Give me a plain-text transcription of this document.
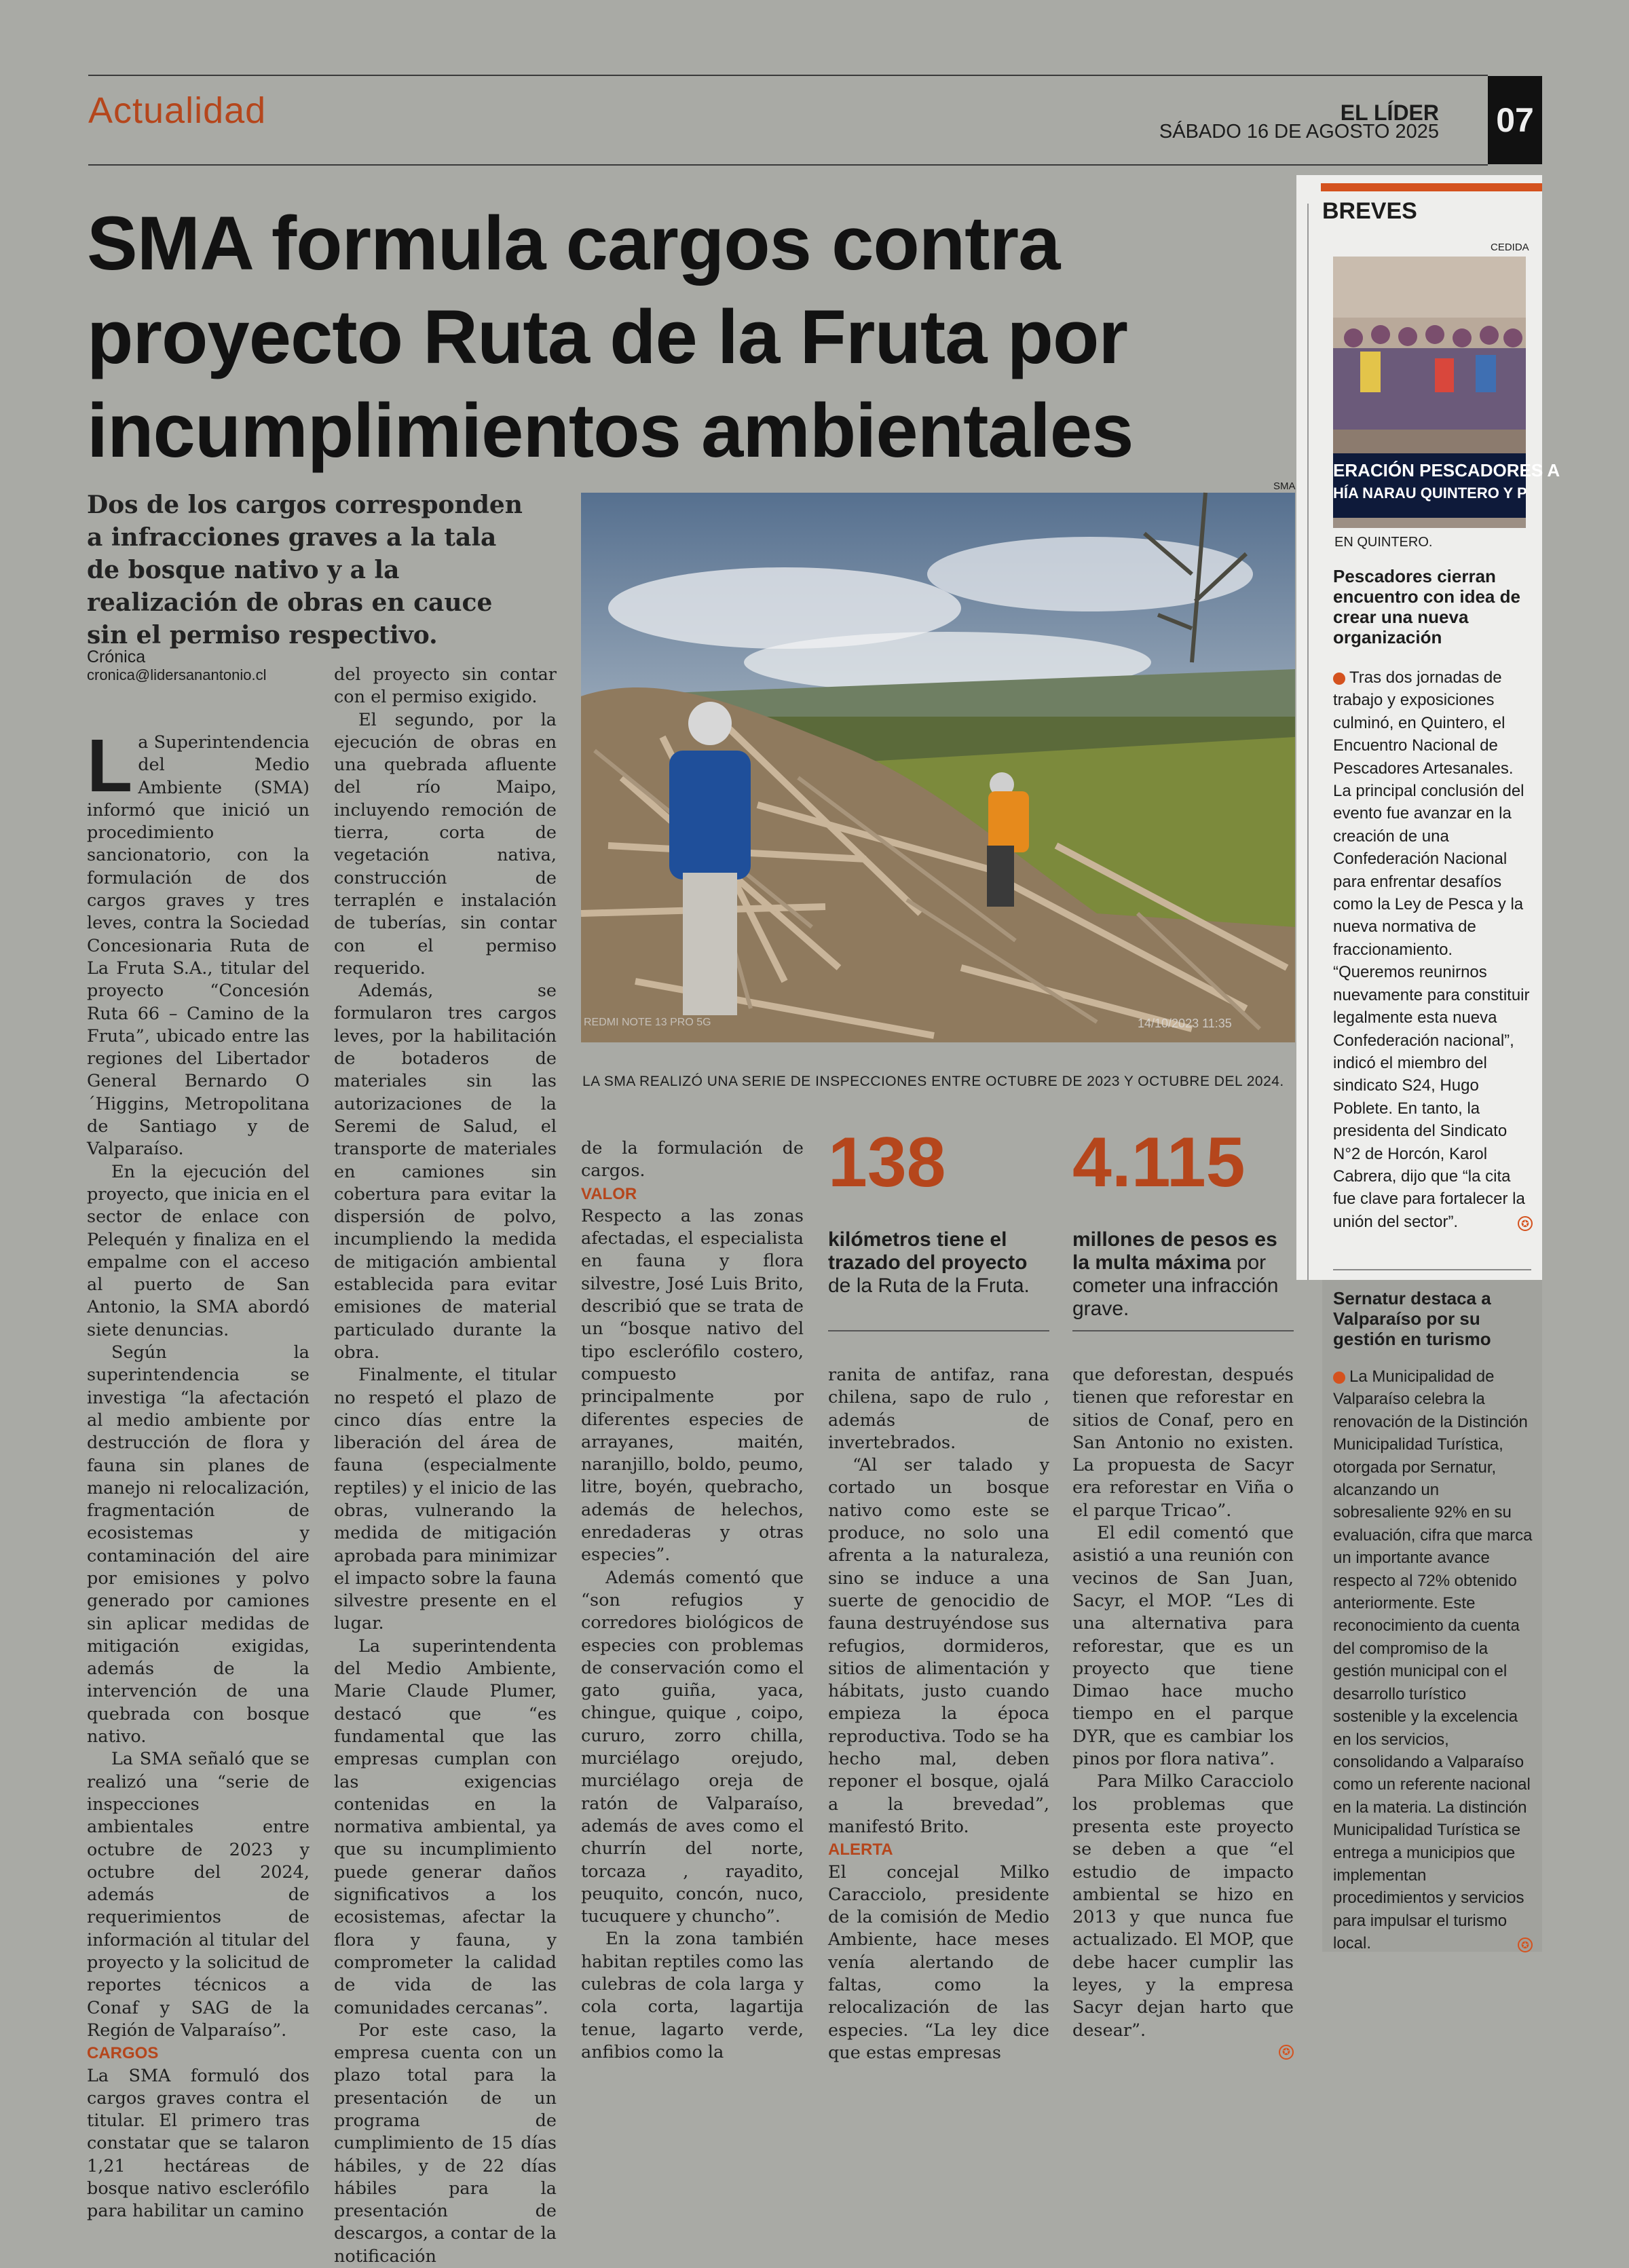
Actualidad	EL LÍDER
SÁBADO 16 DE AGOSTO 2025 07
SMA formula cargos contra proyecto Ruta de la Fruta por incumplimientos ambientales
Dos de los cargos corresponden a infracciones graves a la tala de bosque nativo y a la realización de obras en cauce sin el permiso respectivo.
Crónica
cronica@lidersanantonio.cl
SMA
REDMI NOTE 13 PRO 5G	14/10/2023 11:35
LA SMA REALIZÓ UNA SERIE DE INSPECCIONES ENTRE OCTUBRE DE 2023 Y OCTUBRE DEL 2024.

La Superintendencia del Medio Ambiente (SMA) informó que inició un procedimiento sancionatorio, con la formulación de dos cargos graves y tres leves, contra la Sociedad Concesionaria Ruta de La Fruta S.A., titular del proyecto “Concesión Ruta 66 – Camino de la Fruta”, ubicado entre las regiones del Libertador General Bernardo O´Higgins, Metropolitana de Santiago y de Valparaíso.

En la ejecución del proyecto, que inicia en el sector de enlace con Pelequén y finaliza en el empalme con el acceso al puerto de San Antonio, la SMA abordó siete denuncias.

Según la superintendencia se investiga “la afectación al medio ambiente por destrucción de flora y fauna sin planes de manejo ni relocalización, fragmentación de ecosistemas y contaminación del aire por emisiones y polvo generado por camiones sin aplicar medidas de mitigación exigidas, además de la intervención de una quebrada con bosque nativo.

La SMA señaló que se realizó una “serie de inspecciones ambientales entre octubre de 2023 y octubre del 2024, además de requerimientos de información al titular del proyecto y la solicitud de reportes técnicos a Conaf y SAG de la Región de Valparaíso”.

CARGOS

La SMA formuló dos cargos graves contra el titular. El primero tras constatar que se talaron 1,21 hectáreas de bosque nativo esclerófilo para habilitar un camino

del proyecto sin contar con el permiso exigido.

El segundo, por la ejecución de obras en una quebrada afluente del río Maipo, incluyendo remoción de tierra, corta de vegetación nativa, construcción de terraplén e instalación de tuberías, sin contar con el permiso requerido.

Además, se formularon tres cargos leves, por la habilitación de botaderos de materiales sin las autorizaciones de la Seremi de Salud, el transporte de materiales en camiones sin cobertura para evitar la dispersión de polvo, incumpliendo la medida de mitigación ambiental establecida para evitar emisiones de material particulado durante la obra.

Finalmente, el titular no respetó el plazo de cinco días entre la liberación del área de fauna (especialmente reptiles) y el inicio de las obras, vulnerando la medida de mitigación aprobada para minimizar el impacto sobre la fauna silvestre presente en el lugar.

La superintendenta del Medio Ambiente, Marie Claude Plumer, destacó que “es fundamental que las empresas cumplan con las exigencias contenidas en la normativa ambiental, ya que su incumplimiento puede generar daños significativos a los ecosistemas, afectar la flora y fauna, y comprometer la calidad de vida de las comunidades cercanas”.

Por este caso, la empresa cuenta con un plazo total para la presentación de un programa de cumplimiento de 15 días hábiles, y de 22 días hábiles para la presentación de descargos, a contar de la notificación

de la formulación de cargos.

VALOR

Respecto a las zonas afectadas, el especialista en fauna y flora silvestre, José Luis Brito, describió que se trata de un “bosque nativo del tipo esclerófilo costero, compuesto principalmente por diferentes especies de arrayanes, maitén, naranjillo, boldo, peumo, litre, boyén, quebracho, además de helechos, enredaderas y otras especies”.

Además comentó que “son refugios y corredores biológicos de especies con problemas de conservación como el gato guiña, yaca, chingue, quique , coipo, cururo, zorro chilla, murciélago orejudo, murciélago oreja de ratón de Valparaíso, además de aves como el churrín del norte, torcaza , rayadito, peuquito, concón, nuco, tucuquere y chuncho”.

En la zona también habitan reptiles como las culebras de cola larga y cola corta, lagartija tenue, lagarto verde, anfibios como la

138
kilómetros tiene el trazado del proyecto de la Ruta de la Fruta.
4.115
millones de pesos es la multa máxima por cometer una infracción grave.

ranita de antifaz, rana chilena, sapo de rulo , además de invertebrados.

“Al ser talado y cortado un bosque nativo como este se produce, no solo una afrenta a la naturaleza, sino se induce a una suerte de genocidio de fauna destruyéndose sus refugios, dormideros, sitios de alimentación y hábitats, justo cuando empieza la época reproductiva. Todo se ha hecho mal, deben reponer el bosque, ojalá a la brevedad”, manifestó Brito.

ALERTA

El concejal Milko Caracciolo, presidente de la comisión de Medio Ambiente, hace meses venía alertando de faltas, como la relocalización de las especies. “La ley dice que estas empresas

que deforestan, después tienen que reforestar en sitios de Conaf, pero en San Antonio no existen. La propuesta de Sacyr era reforestar en Viña o el parque Tricao”.

El edil comentó que asistió a una reunión con vecinos de San Juan, Sacyr, el MOP. “Les di una alternativa para reforestar, que es un proyecto que tiene Dimao hace mucho tiempo en el parque DYR, que es cambiar los pinos por flora nativa”.

Para Milko Caracciolo los problemas que presenta este proyecto se deben a que “el estudio de impacto ambiental se hizo en 2013 y que nunca fue actualizado. El MOP, que debe hacer cumplir las leyes, y la empresa Sacyr dejan harto que desear”.

✪
BREVES
CEDIDA
ERACIÓN PESCADORES A
HÍA NARAU QUINTERO Y P
EN QUINTERO.
Pescadores cierran encuentro con idea de crear una nueva organización
Tras dos jornadas de trabajo y exposiciones culminó, en Quintero, el Encuentro Nacional de Pescadores Artesanales. La principal conclusión del evento fue avanzar en la creación de una Confederación Nacional para enfrentar desafíos como la Ley de Pesca y la nueva normativa de fraccionamiento. “Queremos reunirnos nuevamente para constituir legalmente esta nueva Confederación nacional”, indicó el miembro del sindicato S24, Hugo Poblete. En tanto, la presidenta del Sindicato N°2 de Horcón, Karol Cabrera, dijo que “la cita fue clave para fortalecer la unión del sector”.	✪
Sernatur destaca a Valparaíso por su gestión en turismo
La Municipalidad de Valparaíso celebra la renovación de la Distinción Municipalidad Turística, otorgada por Sernatur, alcanzando un sobresaliente 92% en su evaluación, cifra que marca un importante avance respecto al 72% obtenido anteriormente. Este reconocimiento da cuenta del compromiso de la gestión municipal con el desarrollo turístico sostenible y la excelencia en los servicios, consolidando a Valparaíso como un referente nacional en la materia. La distinción Municipalidad Turística se entrega a municipios que implementan procedimientos y servicios para impulsar el turismo local.	✪
